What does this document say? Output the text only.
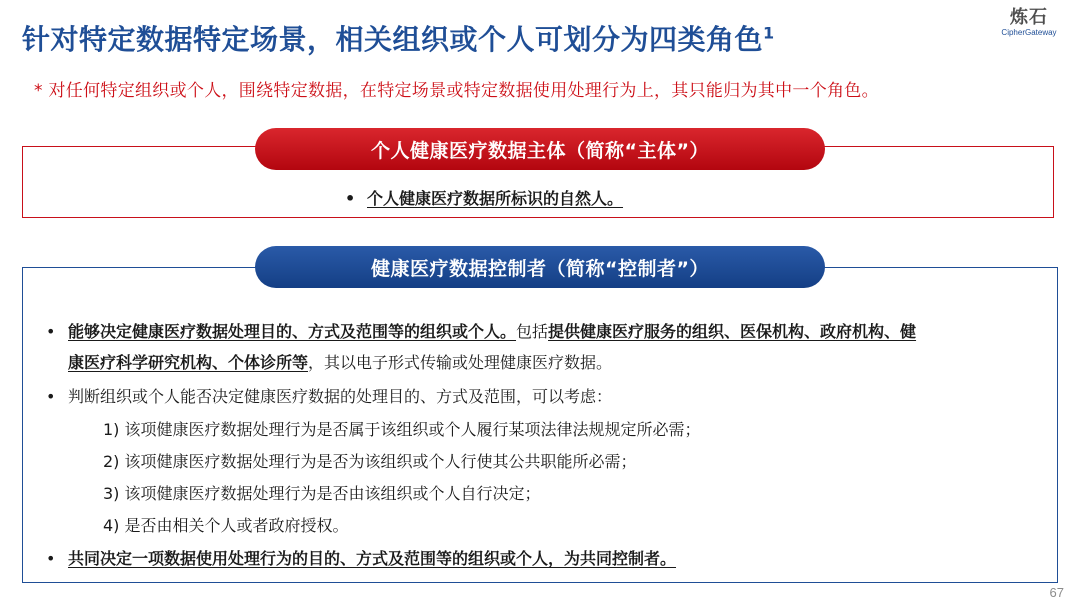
针对特定数据特定场景，相关组织或个人可划分为四类角色$^1$
炼石
CipherGateway
* 对任何特定组织或个人，围绕特定数据，在特定场景或特定数据使用处理行为上，其只能归为其中一个角色。
个人健康医疗数据主体（简称“主体”）
• 个人健康医疗数据所标识的自然人。
健康医疗数据控制者（简称“控制者”）
• 能够决定健康医疗数据处理目的、方式及范围等的组织或个人。包括提供健康医疗服务的组织、医保机构、政府机构、健
康医疗科学研究机构、个体诊所等，其以电子形式传输或处理健康医疗数据。
• 判断组织或个人能否决定健康医疗数据的处理目的、方式及范围，可以考虑：
1) 该项健康医疗数据处理行为是否属于该组织或个人履行某项法律法规规定所必需；
2) 该项健康医疗数据处理行为是否为该组织或个人行使其公共职能所必需；
3) 该项健康医疗数据处理行为是否由该组织或个人自行决定；
4) 是否由相关个人或者政府授权。
• 共同决定一项数据使用处理行为的目的、方式及范围等的组织或个人，为共同控制者。
67
